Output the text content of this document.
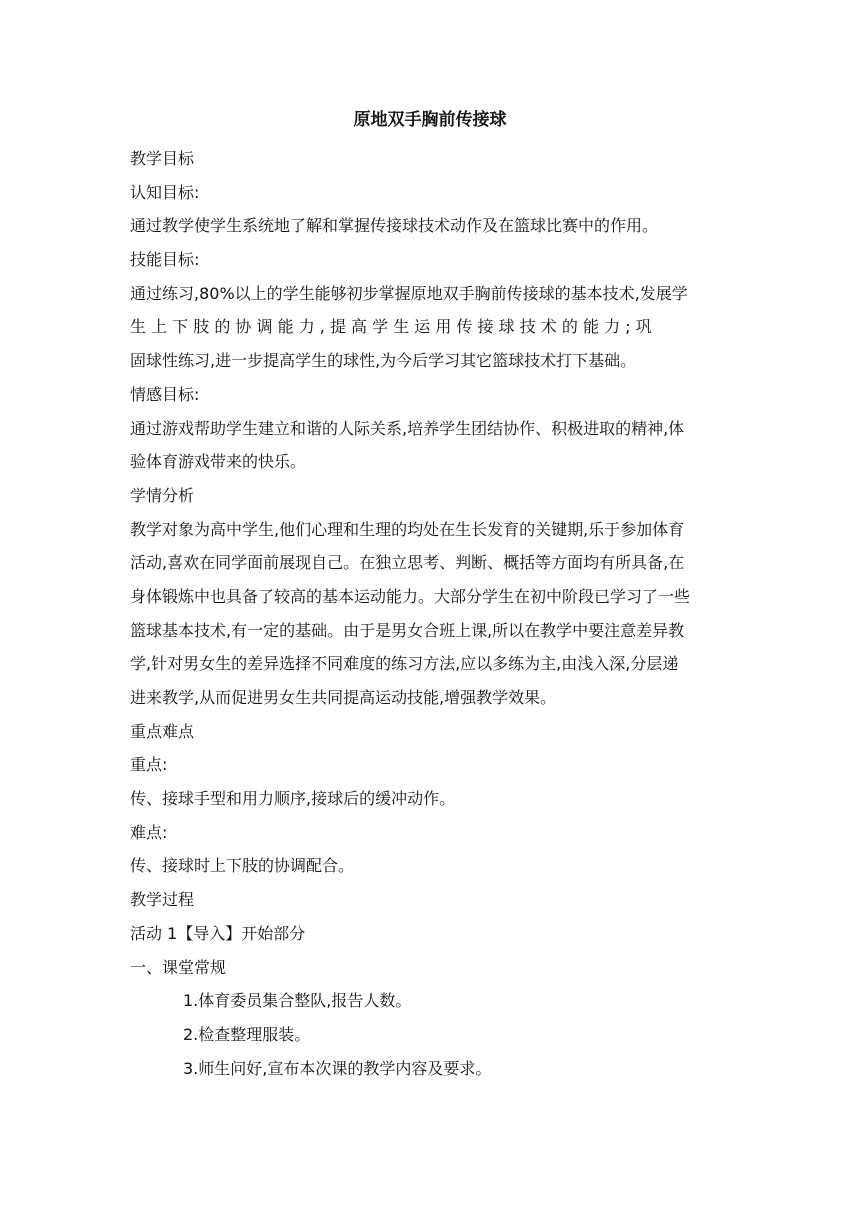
原地双手胸前传接球
教学目标
认知目标:
通过教学使学生系统地了解和掌握传接球技术动作及在篮球比赛中的作用。
技能目标:
通过练习,80%以上的学生能够初步掌握原地双手胸前传接球的基本技术,发展学
生 上 下 肢 的 协 调 能 力 , 提 高 学 生 运 用 传 接 球 技 术 的 能 力 ; 巩
固球性练习,进一步提高学生的球性,为今后学习其它篮球技术打下基础。
情感目标:
通过游戏帮助学生建立和谐的人际关系,培养学生团结协作、积极进取的精神,体
验体育游戏带来的快乐。
学情分析
教学对象为高中学生,他们心理和生理的均处在生长发育的关键期,乐于参加体育
活动,喜欢在同学面前展现自己。在独立思考、判断、概括等方面均有所具备,在
身体锻炼中也具备了较高的基本运动能力。大部分学生在初中阶段已学习了一些
篮球基本技术,有一定的基础。由于是男女合班上课,所以在教学中要注意差异教
学,针对男女生的差异选择不同难度的练习方法,应以多练为主,由浅入深,分层递
进来教学,从而促进男女生共同提高运动技能,增强教学效果。
重点难点
重点:
传、接球手型和用力顺序,接球后的缓冲动作。
难点:
传、接球时上下肢的协调配合。
教学过程
活动 1【导入】开始部分
一、课堂常规
1.体育委员集合整队,报告人数。
2.检查整理服装。
3.师生问好,宣布本次课的教学内容及要求。
